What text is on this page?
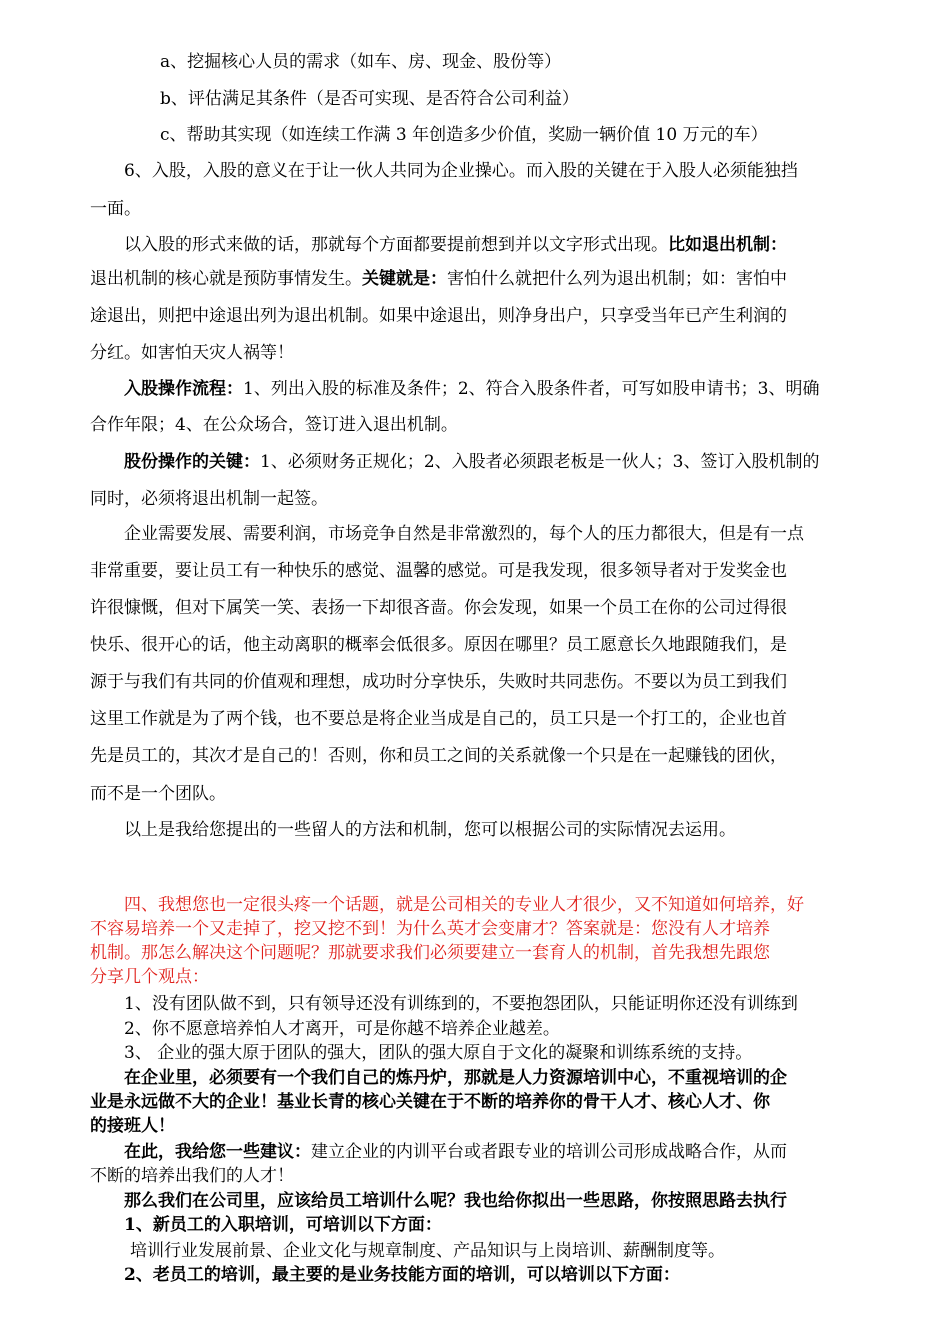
a、挖掘核心人员的需求（如车、房、现金、股份等）
b、评估满足其条件（是否可实现、是否符合公司利益）
c、帮助其实现（如连续工作满 3 年创造多少价值，奖励一辆价值 10 万元的车）
6、入股，入股的意义在于让一伙人共同为企业操心。而入股的关键在于入股人必须能独挡
一面。
以入股的形式来做的话，那就每个方面都要提前想到并以文字形式出现。比如退出机制：
退出机制的核心就是预防事情发生。关键就是：害怕什么就把什么列为退出机制；如：害怕中
途退出，则把中途退出列为退出机制。如果中途退出，则净身出户，只享受当年已产生利润的
分红。如害怕天灾人祸等！
入股操作流程：1、列出入股的标准及条件；2、符合入股条件者，可写如股申请书；3、明确
合作年限；4、在公众场合，签订进入退出机制。
股份操作的关键：1、必须财务正规化；2、入股者必须跟老板是一伙人；3、签订入股机制的
同时，必须将退出机制一起签。
企业需要发展、需要利润，市场竞争自然是非常激烈的，每个人的压力都很大，但是有一点
非常重要，要让员工有一种快乐的感觉、温馨的感觉。可是我发现，很多领导者对于发奖金也
许很慷慨，但对下属笑一笑、表扬一下却很吝啬。你会发现，如果一个员工在你的公司过得很
快乐、很开心的话，他主动离职的概率会低很多。原因在哪里？员工愿意长久地跟随我们，是
源于与我们有共同的价值观和理想，成功时分享快乐，失败时共同悲伤。不要以为员工到我们
这里工作就是为了两个钱，也不要总是将企业当成是自己的，员工只是一个打工的，企业也首
先是员工的，其次才是自己的！否则，你和员工之间的关系就像一个只是在一起赚钱的团伙，
而不是一个团队。
以上是我给您提出的一些留人的方法和机制，您可以根据公司的实际情况去运用。
四、我想您也一定很头疼一个话题，就是公司相关的专业人才很少，又不知道如何培养，好
不容易培养一个又走掉了，挖又挖不到！为什么英才会变庸才？答案就是：您没有人才培养
机制。那怎么解决这个问题呢？那就要求我们必须要建立一套育人的机制，首先我想先跟您
分享几个观点：
1、没有团队做不到，只有领导还没有训练到的，不要抱怨团队，只能证明你还没有训练到
2、你不愿意培养怕人才离开，可是你越不培养企业越差。
3、 企业的强大原于团队的强大，团队的强大原自于文化的凝聚和训练系统的支持。
在企业里，必须要有一个我们自己的炼丹炉，那就是人力资源培训中心，不重视培训的企
业是永远做不大的企业！基业长青的核心关键在于不断的培养你的骨干人才、核心人才、你
的接班人！
在此，我给您一些建议：建立企业的内训平台或者跟专业的培训公司形成战略合作，从而
不断的培养出我们的人才！
那么我们在公司里，应该给员工培训什么呢？我也给你拟出一些思路，你按照思路去执行
1、新员工的入职培训，可培训以下方面：
培训行业发展前景、企业文化与规章制度、产品知识与上岗培训、薪酬制度等。
2、老员工的培训，最主要的是业务技能方面的培训，可以培训以下方面：
